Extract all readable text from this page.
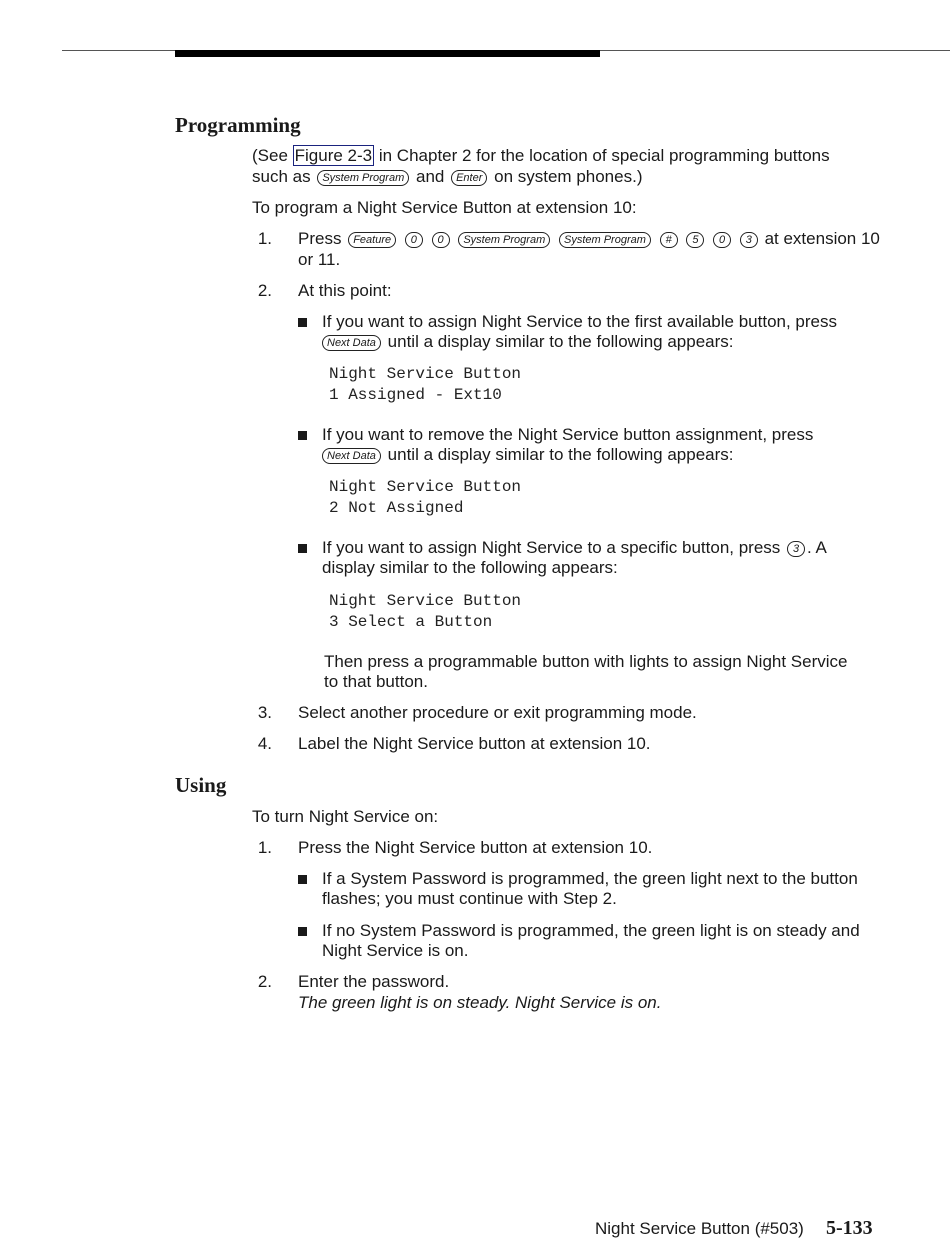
Programming
(See Figure 2-3 in Chapter 2 for the location of special programming buttons
such as System Program and Enter on system phones.)
To program a Night Service Button at extension 10:
1. Press Feature 0 0 System Program System Program # 5 0 3 at extension 10
or 11.
2. At this point:
If you want to assign Night Service to the first available button, press
Next Data until a display similar to the following appears:
Night Service Button
1 Assigned - Ext10
If you want to remove the Night Service button assignment, press
Next Data until a display similar to the following appears:
Night Service Button
2 Not Assigned
If you want to assign Night Service to a specific button, press 3 . A
display similar to the following appears:
Night Service Button
3 Select a Button
Then press a programmable button with lights to assign Night Service
to that button.
3. Select another procedure or exit programming mode.
4. Label the Night Service button at extension 10.
Using
To turn Night Service on:
1. Press the Night Service button at extension 10.
If a System Password is programmed, the green light next to the button
flashes; you must continue with Step 2.
If no System Password is programmed, the green light is on steady and
Night Service is on.
2. Enter the password.
The green light is on steady. Night Service is on.
Night Service Button (#503) 5-133
